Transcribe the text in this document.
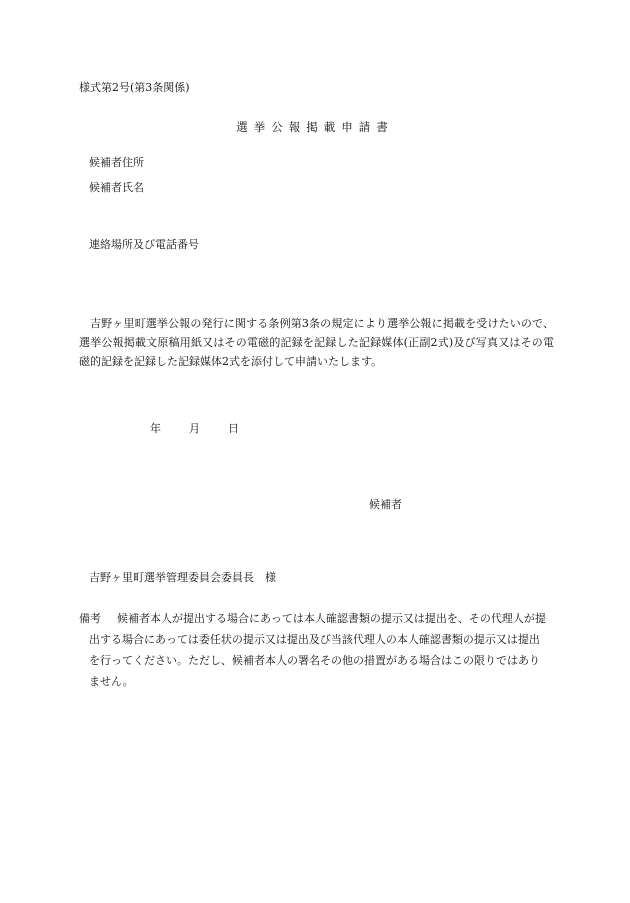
様式第2号(第3条関係)
選挙公報掲載申請書
候補者住所
候補者氏名
連絡場所及び電話番号
吉野ヶ里町選挙公報の発行に関する条例第3条の規定により選挙公報に掲載を受けたいので、選挙公報掲載文原稿用紙又はその電磁的記録を記録した記録媒体(正副2式)及び写真又はその電磁的記録を記録した記録媒体2式を添付して申請いたします。
年	月	日
候補者
吉野ヶ里町選挙管理委員会委員長　様
備考	候補者本人が提出する場合にあっては本人確認書類の提示又は提出を、その代理人が提出する場合にあっては委任状の提示又は提出及び当該代理人の本人確認書類の提示又は提出を行ってください。ただし、候補者本人の署名その他の措置がある場合はこの限りではありません。
